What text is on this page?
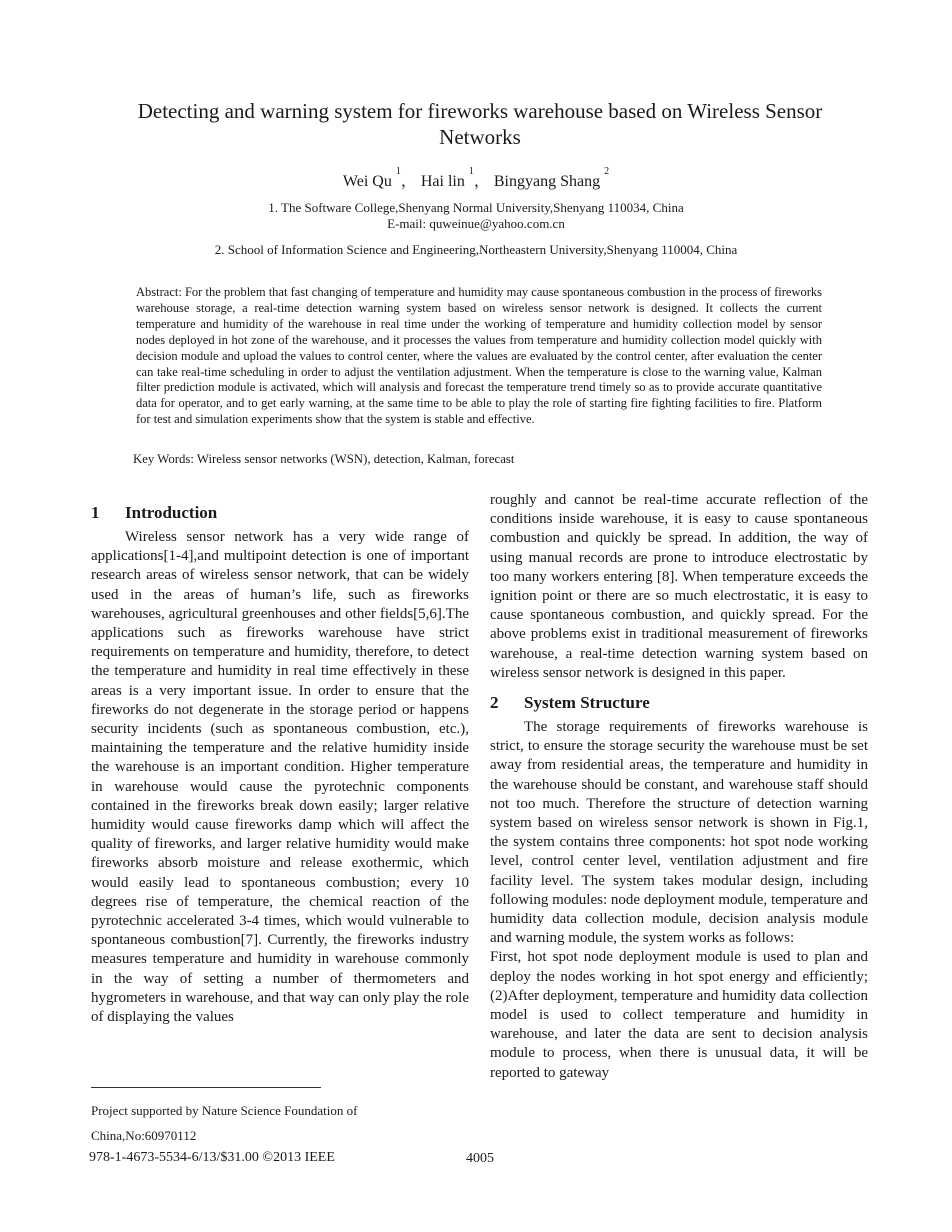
Detecting and warning system for fireworks warehouse based on Wireless Sensor Networks
Wei Qu $^1$， Hai lin $^1$， Bingyang Shang $^2$
1. The Software College,Shenyang Normal University,Shenyang 110034, China
E-mail: quweinue@yahoo.com.cn
2. School of Information Science and Engineering,Northeastern University,Shenyang 110004, China
Abstract: For the problem that fast changing of temperature and humidity may cause spontaneous combustion in the process of fireworks warehouse storage, a real-time detection warning system based on wireless sensor network is designed. It collects the current temperature and humidity of the warehouse in real time under the working of temperature and humidity collection model by sensor nodes deployed in hot zone of the warehouse, and it processes the values from temperature and humidity collection model quickly with decision module and upload the values to control center, where the values are evaluated by the control center, after evaluation the center can take real-time scheduling in order to adjust the ventilation adjustment. When the temperature is close to the warning value, Kalman filter prediction module is activated, which will analysis and forecast the temperature trend timely so as to provide accurate quantitative data for operator, and to get early warning, at the same time to be able to play the role of starting fire fighting facilities to fire. Platform for test and simulation experiments show that the system is stable and effective.
Key Words: Wireless sensor networks (WSN), detection, Kalman, forecast
1 Introduction

Wireless sensor network has a very wide range of applications[1-4],and multipoint detection is one of important research areas of wireless sensor network, that can be widely used in the areas of human’s life, such as fireworks warehouses, agricultural greenhouses and other fields[5,6].The applications such as fireworks warehouse have strict requirements on temperature and humidity, therefore, to detect the temperature and humidity in real time effectively in these areas is a very important issue. In order to ensure that the fireworks do not degenerate in the storage period or happens security incidents (such as spontaneous combustion, etc.), maintaining the temperature and the relative humidity inside the warehouse is an important condition. Higher temperature in warehouse would cause the pyrotechnic components contained in the fireworks break down easily; larger relative humidity would cause fireworks damp which will affect the quality of fireworks, and larger relative humidity would make fireworks absorb moisture and release exothermic, which would easily lead to spontaneous combustion; every 10 degrees rise of temperature, the chemical reaction of the pyrotechnic accelerated 3-4 times, which would vulnerable to spontaneous combustion[7]. Currently, the fireworks industry measures temperature and humidity in warehouse commonly in the way of setting a number of thermometers and hygrometers in warehouse, and that way can only play the role of displaying the values

roughly and cannot be real-time accurate reflection of the conditions inside warehouse, it is easy to cause spontaneous combustion and quickly be spread. In addition, the way of using manual records are prone to introduce electrostatic by too many workers entering [8]. When temperature exceeds the ignition point or there are so much electrostatic, it is easy to cause spontaneous combustion, and quickly spread. For the above problems exist in traditional measurement of fireworks warehouse, a real-time detection warning system based on wireless sensor network is designed in this paper.

2 System Structure

The storage requirements of fireworks warehouse is strict, to ensure the storage security the warehouse must be set away from residential areas, the temperature and humidity in the warehouse should be constant, and warehouse staff should not too much. Therefore the structure of detection warning system based on wireless sensor network is shown in Fig.1, the system contains three components: hot spot node working level, control center level, ventilation adjustment and fire facility level. The system takes modular design, including following modules: node deployment module, temperature and humidity data collection module, decision analysis module and warning module, the system works as follows:

First, hot spot node deployment module is used to plan and deploy the nodes working in hot spot energy and efficiently;(2)After deployment, temperature and humidity data collection model is used to collect temperature and humidity in warehouse, and later the data are sent to decision analysis module to process, when there is unusual data, it will be reported to gateway

Project supported by Nature Science Foundation of
China,No:60970112
978-1-4673-5534-6/13/$31.00 ©2013 IEEE	4005
